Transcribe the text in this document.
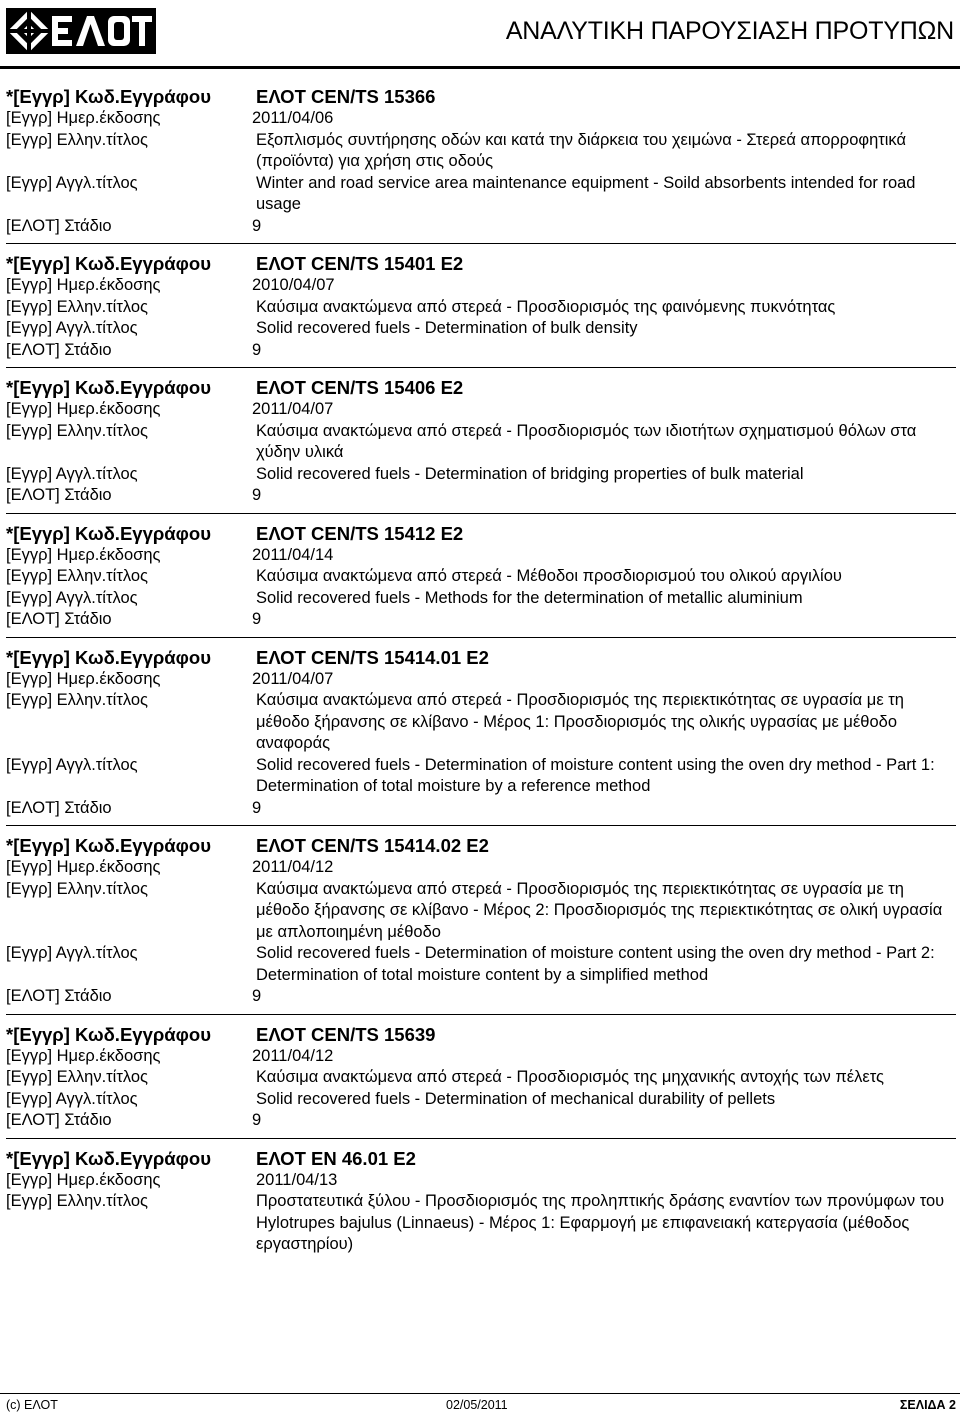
ΑΝΑΛΥΤΙΚΗ ΠΑΡΟΥΣΙΑΣΗ ΠΡΟΤΥΠΩΝ
*[Εγγρ] Κωδ.Εγγράφου ΕΛΟΤ CEN/TS 15366
[Εγγρ] Ημερ.έκδοσης	2011/04/06
[Εγγρ] Ελλην.τίτλος	Εξοπλισμός συντήρησης οδών και κατά την διάρκεια του χειμώνα - Στερεά απορροφητικά (προϊόντα) για χρήση στις οδούς
[Εγγρ] Αγγλ.τίτλος	Winter and road service area maintenance equipment - Soild absorbents intended for road usage
[ΕΛΟΤ] Στάδιο	9
*[Εγγρ] Κωδ.Εγγράφου ΕΛΟΤ CEN/TS 15401 E2
[Εγγρ] Ημερ.έκδοσης	2010/04/07
[Εγγρ] Ελλην.τίτλος	Καύσιμα ανακτώμενα από στερεά - Προσδιορισμός της φαινόμενης πυκνότητας
[Εγγρ] Αγγλ.τίτλος	Solid recovered fuels - Determination of bulk density
[ΕΛΟΤ] Στάδιο	9
*[Εγγρ] Κωδ.Εγγράφου ΕΛΟΤ CEN/TS 15406 E2
[Εγγρ] Ημερ.έκδοσης	2011/04/07
[Εγγρ] Ελλην.τίτλος	Καύσιμα ανακτώμενα από στερεά - Προσδιορισμός των ιδιοτήτων σχηματισμού θόλων στα χύδην υλικά
[Εγγρ] Αγγλ.τίτλος	Solid recovered fuels - Determination of bridging properties of bulk material
[ΕΛΟΤ] Στάδιο	9
*[Εγγρ] Κωδ.Εγγράφου ΕΛΟΤ CEN/TS 15412 E2
[Εγγρ] Ημερ.έκδοσης	2011/04/14
[Εγγρ] Ελλην.τίτλος	Καύσιμα ανακτώμενα από στερεά - Μέθοδοι προσδιορισμού του ολικού αργιλίου
[Εγγρ] Αγγλ.τίτλος	Solid recovered fuels - Methods for the determination of metallic aluminium
[ΕΛΟΤ] Στάδιο	9
*[Εγγρ] Κωδ.Εγγράφου ΕΛΟΤ CEN/TS 15414.01 E2
[Εγγρ] Ημερ.έκδοσης	2011/04/07
[Εγγρ] Ελλην.τίτλος	Καύσιμα ανακτώμενα από στερεά - Προσδιορισμός της περιεκτικότητας σε υγρασία με τη μέθοδο ξήρανσης σε κλίβανο - Μέρος 1: Προσδιορισμός της ολικής υγρασίας με μέθοδο αναφοράς
[Εγγρ] Αγγλ.τίτλος	Solid recovered fuels - Determination of moisture content using the oven dry method - Part 1: Determination of total moisture by a reference method
[ΕΛΟΤ] Στάδιο	9
*[Εγγρ] Κωδ.Εγγράφου ΕΛΟΤ CEN/TS 15414.02 E2
[Εγγρ] Ημερ.έκδοσης	2011/04/12
[Εγγρ] Ελλην.τίτλος	Καύσιμα ανακτώμενα από στερεά - Προσδιορισμός της περιεκτικότητας σε υγρασία με τη μέθοδο ξήρανσης σε κλίβανο - Μέρος 2: Προσδιορισμός της περιεκτικότητας σε ολική υγρασία με απλοποιημένη μέθοδο
[Εγγρ] Αγγλ.τίτλος	Solid recovered fuels - Determination of moisture content using the oven dry method - Part 2: Determination of total moisture content by a simplified method
[ΕΛΟΤ] Στάδιο	9
*[Εγγρ] Κωδ.Εγγράφου ΕΛΟΤ CEN/TS 15639
[Εγγρ] Ημερ.έκδοσης	2011/04/12
[Εγγρ] Ελλην.τίτλος	Καύσιμα ανακτώμενα από στερεά - Προσδιορισμός της μηχανικής αντοχής των πέλετς
[Εγγρ] Αγγλ.τίτλος	Solid recovered fuels - Determination of mechanical durability of pellets
[ΕΛΟΤ] Στάδιο	9
*[Εγγρ] Κωδ.Εγγράφου ΕΛΟΤ EN 46.01 E2
[Εγγρ] Ημερ.έκδοσης	2011/04/13
[Εγγρ] Ελλην.τίτλος	Προστατευτικά ξύλου - Προσδιορισμός της προληπτικής δράσης εναντίον των προνύμφων του Hylotrupes bajulus (Linnaeus) - Μέρος 1: Εφαρμογή με επιφανειακή κατεργασία (μέθοδος εργαστηρίου)
(c) ΕΛΟΤ	02/05/2011	ΣΕΛΙΔΑ 2
